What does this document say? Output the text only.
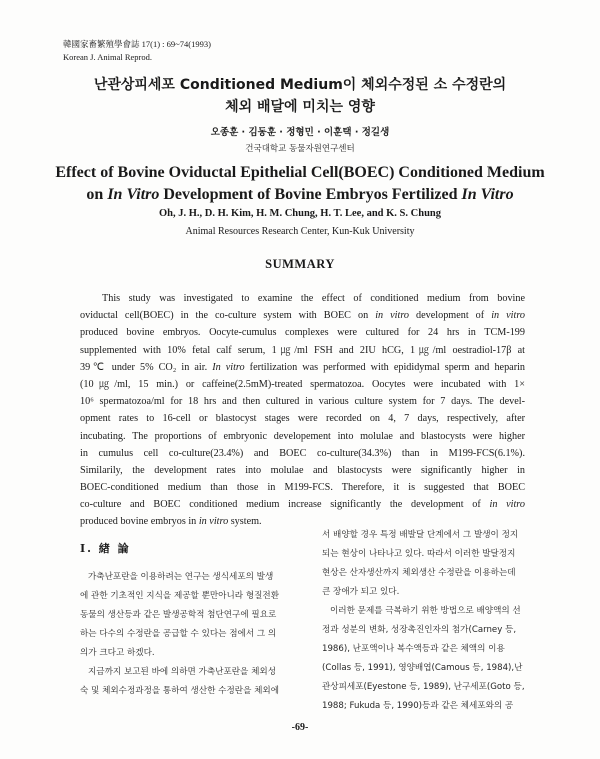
韓國家畜繁殖學會誌 17(1) : 69~74(1993)
Korean J. Animal Reprod.
난관상피세포 Conditioned Medium이 체외수정된 소 수정란의
체외 배달에 미치는 영향
오종훈 · 김동훈 · 정형민 · 이훈택 · 정길생
건국대학교 동물자원연구센터
Effect of Bovine Oviductal Epithelial Cell(BOEC) Conditioned Medium
on In Vitro Development of Bovine Embryos Fertilized In Vitro
Oh, J. H., D. H. Kim, H. M. Chung, H. T. Lee, and K. S. Chung
Animal Resources Research Center, Kun-Kuk University
SUMMARY
This study was investigated to examine the effect of conditioned medium from bovine
oviductal cell(BOEC) in the co-culture system with BOEC on in vitro development of in vitro
produced bovine embryos. Oocyte-cumulus complexes were cultured for 24 hrs in TCM-199
supplemented with 10% fetal calf serum, 1㎍/ml FSH and 2IU hCG, 1㎍/ml oestradiol-17β at
39℃ under 5% CO₂ in air. In vitro fertilization was performed with epididymal sperm and heparin
(10㎍/ml, 15 min.) or caffeine(2.5mM)-treated spermatozoa. Oocytes were incubated with 1×
10⁶ spermatozoa/ml for 18 hrs and then cultured in various culture system for 7 days. The devel-
opment rates to 16-cell or blastocyst stages were recorded on 4, 7 days, respectively, after
incubating. The proportions of embryonic developement into molulae and blastocysts were higher
in cumulus cell co-culture(23.4%) and BOEC co-culture(34.3%) than in M199-FCS(6.1%).
Similarily, the development rates into molulae and blastocysts were significantly higher in
BOEC-conditioned medium than those in M199-FCS. Therefore, it is suggested that BOEC
co-culture and BOEC conditioned medium increase significantly the development of in vitro
produced bovine embryos in in vitro system.
Ⅰ. 緖 論
가축난포란을 이용하려는 연구는 생식세포의 발생
에 관한 기초적인 지식을 제공할 뿐만아니라 형질전환
동물의 생산등과 같은 발생공학적 첨단연구에 필요로
하는 다수의 수정란을 공급할 수 있다는 점에서 그 의
의가 크다고 하겠다.
지금까지 보고된 바에 의하면 가축난포란을 체외성
숙 및 체외수정과정을 통하여 생산한 수정란을 체외에
서 배양할 경우 특정 배발달 단계에서 그 발생이 정지
되는 현상이 나타나고 있다. 따라서 이러한 발달정지
현상은 산자생산까지 체외생산 수정란을 이용하는데
큰 장애가 되고 있다.
이러한 문제를 극복하기 위한 방법으로 배양액의 선
정과 성분의 변화, 성장촉진인자의 첨가(Carney 등,
1986), 난포액이나 복수액등과 같은 체액의 이용
(Collas 등, 1991), 영양배엽(Camous 등, 1984),난
관상피세포(Eyestone 등, 1989), 난구세포(Goto 등,
1988; Fukuda 등, 1990)등과 같은 체세포와의 공
-69-
